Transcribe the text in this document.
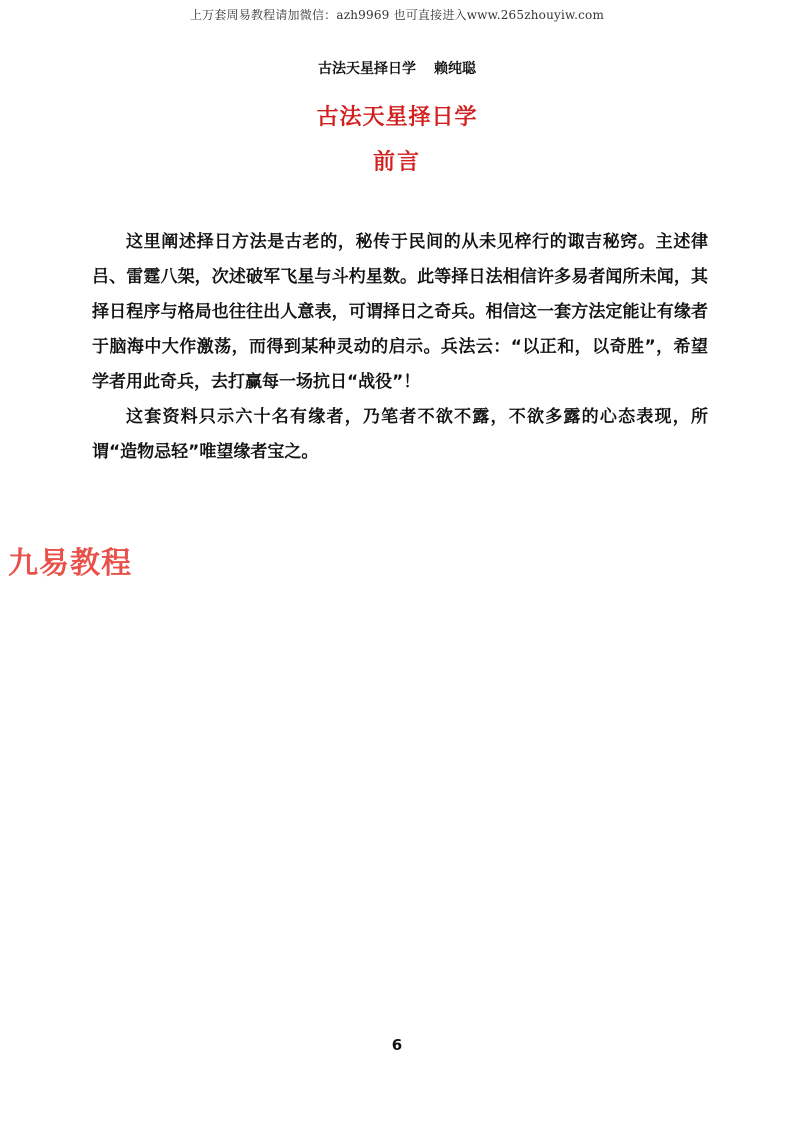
上万套周易教程请加微信：azh9969 也可直接进入www.265zhouyiw.com
古法天星择日学 赖纯聪
古法天星择日学
前言

这里阐述择日方法是古老的，秘传于民间的从未见梓行的诹吉秘窍。主述律吕、雷霆八架，次述破军飞星与斗杓星数。此等择日法相信许多易者闻所未闻，其择日程序与格局也往往出人意表，可谓择日之奇兵。相信这一套方法定能让有缘者于脑海中大作激荡，而得到某种灵动的启示。兵法云：“以正和，以奇胜”，希望学者用此奇兵，去打赢每一场抗日“战役”！

这套资料只示六十名有缘者，乃笔者不欲不露，不欲多露的心态表现，所谓“造物忌轻”唯望缘者宝之。

九易教程
6
